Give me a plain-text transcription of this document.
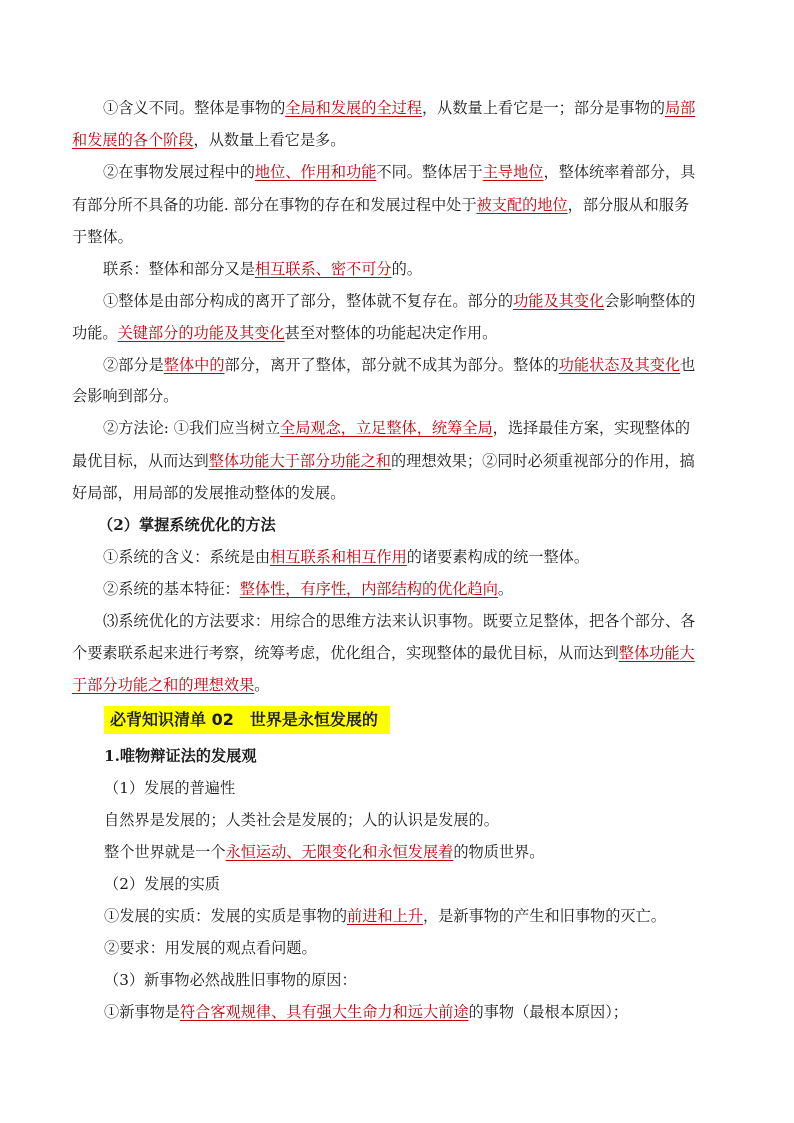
①含义不同。整体是事物的全局和发展的全过程，从数量上看它是一；部分是事物的局部
和发展的各个阶段，从数量上看它是多。
②在事物发展过程中的地位、作用和功能不同。整体居于主导地位，整体统率着部分，具
有部分所不具备的功能. 部分在事物的存在和发展过程中处于被支配的地位，部分服从和服务
于整体。
联系：整体和部分又是相互联系、密不可分的。
①整体是由部分构成的离开了部分，整体就不复存在。部分的功能及其变化会影响整体的
功能。关键部分的功能及其变化甚至对整体的功能起决定作用。
②部分是整体中的部分，离开了整体，部分就不成其为部分。整体的功能状态及其变化也
会影响到部分。
②方法论: ①我们应当树立全局观念，立足整体，统筹全局，选择最佳方案，实现整体的
最优目标，从而达到整体功能大于部分功能之和的理想效果；②同时必须重视部分的作用，搞
好局部，用局部的发展推动整体的发展。
（2）掌握系统优化的方法
①系统的含义：系统是由相互联系和相互作用的诸要素构成的统一整体。
②系统的基本特征：整体性，有序性，内部结构的优化趋向。
⑶系统优化的方法要求：用综合的思维方法来认识事物。既要立足整体，把各个部分、各
个要素联系起来进行考察，统筹考虑，优化组合，实现整体的最优目标，从而达到整体功能大
于部分功能之和的理想效果。
必背知识清单 02　世界是永恒发展的
1.唯物辩证法的发展观
（1）发展的普遍性
自然界是发展的；人类社会是发展的；人的认识是发展的。
整个世界就是一个永恒运动、无限变化和永恒发展着的物质世界。
（2）发展的实质
①发展的实质：发展的实质是事物的前进和上升，是新事物的产生和旧事物的灭亡。
②要求：用发展的观点看问题。
（3）新事物必然战胜旧事物的原因：
①新事物是符合客观规律、具有强大生命力和远大前途的事物（最根本原因）；
